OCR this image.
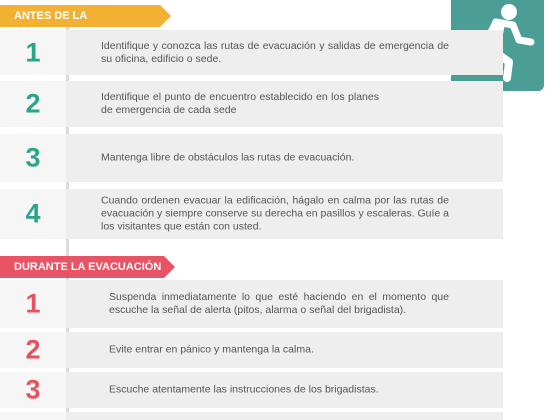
ANTES DE LA
1	Identifique y conozca las rutas de evacuación y salidas de emergencia de su oficina, edificio o sede.
2	Identifique el punto de encuentro establecido en los planes de emergencia de cada sede
3	Mantenga libre de obstáculos las rutas de evacuación.
4	Cuando ordenen evacuar la edificación, hágalo en calma por las rutas de evacuación y siempre conserve su derecha en pasillos y escaleras. Guíe a los visitantes que están con usted.
DURANTE LA EVACUACIÓN
1	Suspenda inmediatamente lo que esté haciendo en el momento que escuche la señal de alerta (pitos, alarma o señal del brigadista).
2	Evite entrar en pánico y mantenga la calma.
3	Escuche atentamente las instrucciones de los brigadistas.
